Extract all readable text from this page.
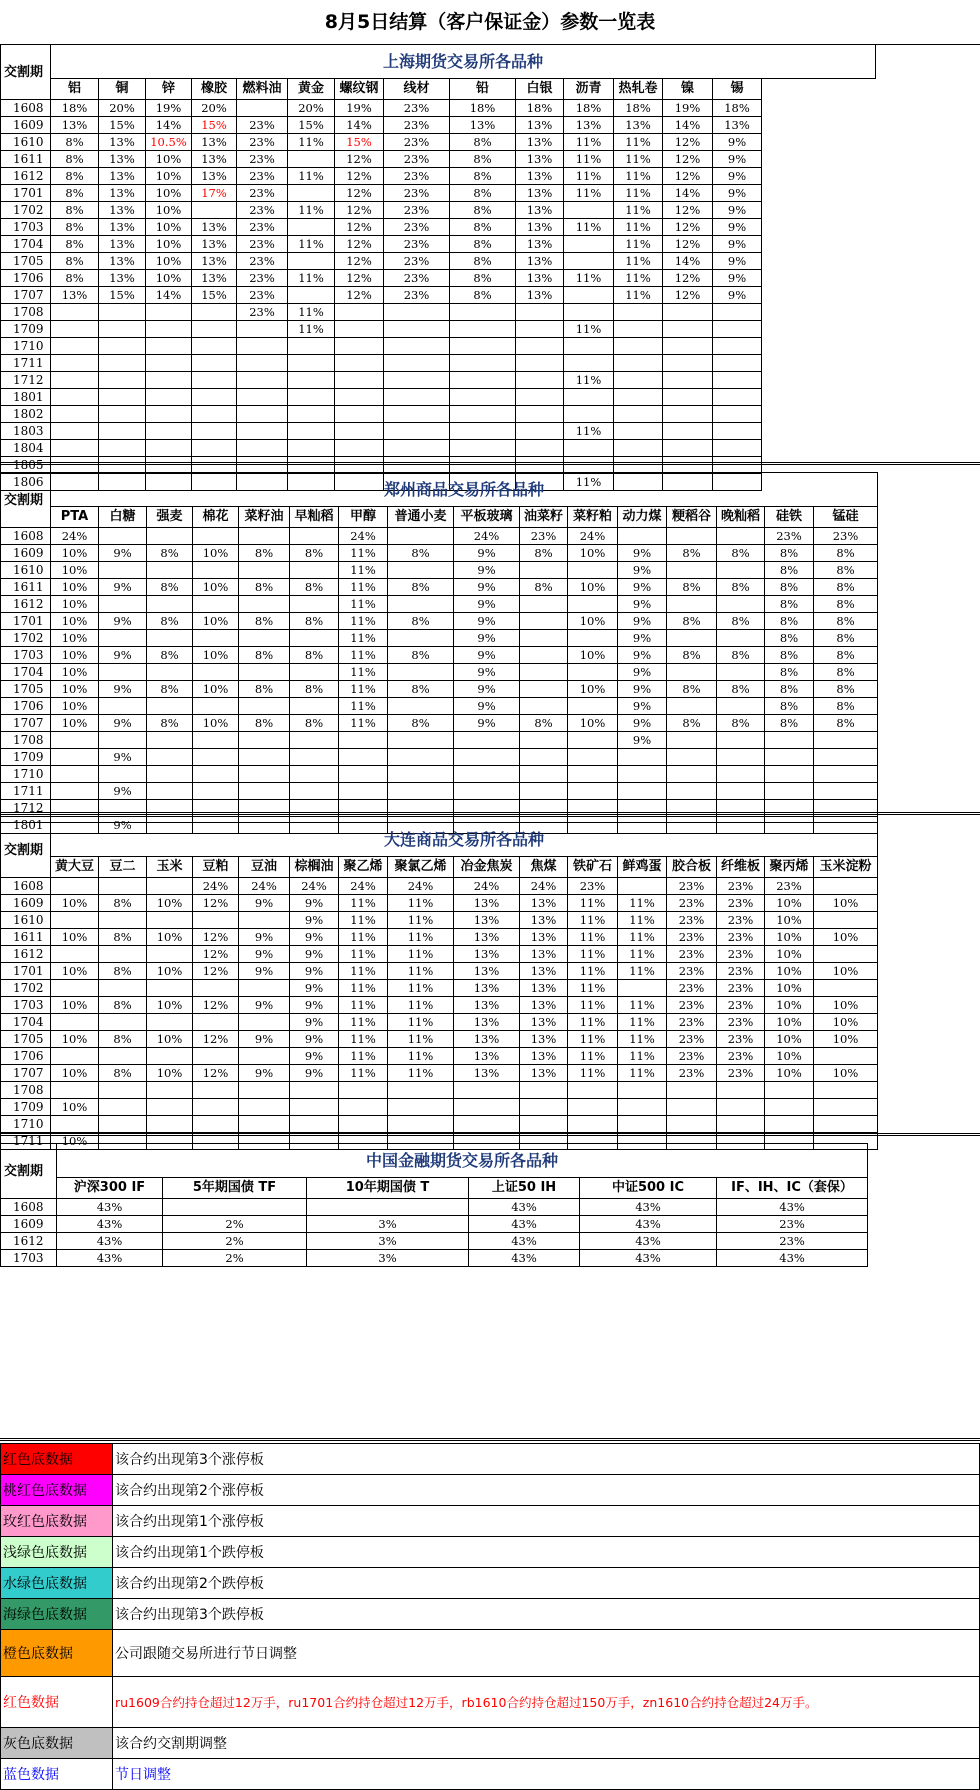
8月5日结算（客户保证金）参数一览表
交割期	上海期货交易所各品种														
	铝	铜	锌	橡胶	燃料油	黄金	螺纹钢	线材	铅	白银	沥青	热轧卷	镍	锡	
1608	18%	20%	19%	20%		20%	19%	23%	18%	18%	18%	18%	19%	18%	
1609	13%	15%	14%	15%	23%	15%	14%	23%	13%	13%	13%	13%	14%	13%	
1610	8%	13%	10.5%	13%	23%	11%	15%	23%	8%	13%	11%	11%	12%	9%	
1611	8%	13%	10%	13%	23%		12%	23%	8%	13%	11%	11%	12%	9%	
1612	8%	13%	10%	13%	23%	11%	12%	23%	8%	13%	11%	11%	12%	9%	
1701	8%	13%	10%	17%	23%		12%	23%	8%	13%	11%	11%	14%	9%	
1702	8%	13%	10%		23%	11%	12%	23%	8%	13%		11%	12%	9%	
1703	8%	13%	10%	13%	23%		12%	23%	8%	13%	11%	11%	12%	9%	
1704	8%	13%	10%	13%	23%	11%	12%	23%	8%	13%		11%	12%	9%	
1705	8%	13%	10%	13%	23%		12%	23%	8%	13%		11%	14%	9%	
1706	8%	13%	10%	13%	23%	11%	12%	23%	8%	13%	11%	11%	12%	9%	
1707	13%	15%	14%	15%	23%		12%	23%	8%	13%		11%	12%	9%	
1708					23%	11%									
1709						11%					11%				
1710															
1711															
1712											11%				
1801															
1802															
1803											11%				
1804															
1805															
1806											11%				
交割期	郑州商品交易所各品种															
	PTA	白糖	强麦	棉花	菜籽油	早籼稻	甲醇	普通小麦	平板玻璃	油菜籽	菜籽粕	动力煤	粳稻谷	晚籼稻	硅铁	锰硅
1608	24%						24%		24%	23%	24%				23%	23%
1609	10%	9%	8%	10%	8%	8%	11%	8%	9%	8%	10%	9%	8%	8%	8%	8%
1610	10%						11%		9%			9%			8%	8%
1611	10%	9%	8%	10%	8%	8%	11%	8%	9%	8%	10%	9%	8%	8%	8%	8%
1612	10%						11%		9%			9%			8%	8%
1701	10%	9%	8%	10%	8%	8%	11%	8%	9%		10%	9%	8%	8%	8%	8%
1702	10%						11%		9%			9%			8%	8%
1703	10%	9%	8%	10%	8%	8%	11%	8%	9%		10%	9%	8%	8%	8%	8%
1704	10%						11%		9%			9%			8%	8%
1705	10%	9%	8%	10%	8%	8%	11%	8%	9%		10%	9%	8%	8%	8%	8%
1706	10%						11%		9%			9%			8%	8%
1707	10%	9%	8%	10%	8%	8%	11%	8%	9%	8%	10%	9%	8%	8%	8%	8%
1708												9%				
1709		9%														
1710																
1711		9%														
1712																
1801		9%														
交割期	大连商品交易所各品种															
	黄大豆	豆二	玉米	豆粕	豆油	棕榈油	聚乙烯	聚氯乙烯	冶金焦炭	焦煤	铁矿石	鲜鸡蛋	胶合板	纤维板	聚丙烯	玉米淀粉
1608				24%	24%	24%	24%	24%	24%	24%	23%		23%	23%	23%	
1609	10%	8%	10%	12%	9%	9%	11%	11%	13%	13%	11%	11%	23%	23%	10%	10%
1610						9%	11%	11%	13%	13%	11%	11%	23%	23%	10%	
1611	10%	8%	10%	12%	9%	9%	11%	11%	13%	13%	11%	11%	23%	23%	10%	10%
1612				12%	9%	9%	11%	11%	13%	13%	11%	11%	23%	23%	10%	
1701	10%	8%	10%	12%	9%	9%	11%	11%	13%	13%	11%	11%	23%	23%	10%	10%
1702						9%	11%	11%	13%	13%	11%		23%	23%	10%	
1703	10%	8%	10%	12%	9%	9%	11%	11%	13%	13%	11%	11%	23%	23%	10%	10%
1704						9%	11%	11%	13%	13%	11%	11%	23%	23%	10%	10%
1705	10%	8%	10%	12%	9%	9%	11%	11%	13%	13%	11%	11%	23%	23%	10%	10%
1706						9%	11%	11%	13%	13%	11%	11%	23%	23%	10%	
1707	10%	8%	10%	12%	9%	9%	11%	11%	13%	13%	11%	11%	23%	23%	10%	10%
1708																
1709	10%															
1710																
1711	10%															
交割期	中国金融期货交易所各品种					
	沪深300 IF	5年期国债 TF	10年期国债 T	上证50 IH	中证500 IC	IF、IH、IC（套保）
1608	43%			43%	43%	43%
1609	43%	2%	3%	43%	43%	23%
1612	43%	2%	3%	43%	43%	23%
1703	43%	2%	3%	43%	43%	43%
红色底数据	该合约出现第3个涨停板
桃红色底数据	该合约出现第2个涨停板
玫红色底数据	该合约出现第1个涨停板
浅绿色底数据	该合约出现第1个跌停板
水绿色底数据	该合约出现第2个跌停板
海绿色底数据	该合约出现第3个跌停板
橙色底数据	公司跟随交易所进行节日调整
红色数据	ru1609合约持仓超过12万手，ru1701合约持仓超过12万手，rb1610合约持仓超过150万手，zn1610合约持仓超过24万手。
灰色底数据	该合约交割期调整
蓝色数据	节日调整
